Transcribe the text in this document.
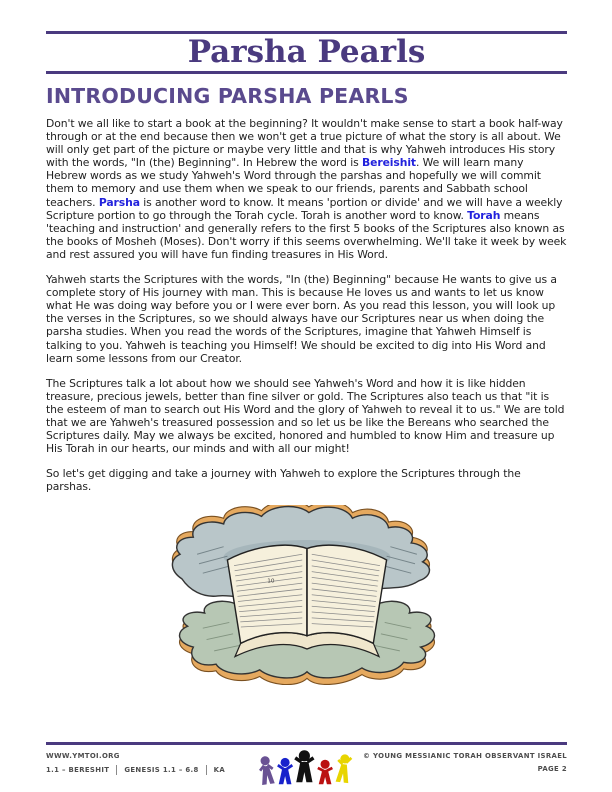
Parsha Pearls
INTRODUCING PARSHA PEARLS

Don't we all like to start a book at the beginning? It wouldn't make sense to start a book half-way through or at the end because then we won't get a true picture of what the story is all about. We will only get part of the picture or maybe very little and that is why Yahweh introduces His story with the words, "In (the) Beginning". In Hebrew the word is Bereishit. We will learn many Hebrew words as we study Yahweh's Word through the parshas and hopefully we will commit them to memory and use them when we speak to our friends, parents and Sabbath school teachers. Parsha is another word to know. It means 'portion or divide' and we will have a weekly Scripture portion to go through the Torah cycle. Torah is another word to know. Torah means 'teaching and instruction' and generally refers to the first 5 books of the Scriptures also known as the books of Mosheh (Moses). Don't worry if this seems overwhelming. We'll take it week by week and rest assured you will have fun finding treasures in His Word.

Yahweh starts the Scriptures with the words, "In (the) Beginning" because He wants to give us a complete story of His journey with man. This is because He loves us and wants to let us know what He was doing way before you or I were ever born. As you read this lesson, you will look up the verses in the Scriptures, so we should always have our Scriptures near us when doing the parsha studies. When you read the words of the Scriptures, imagine that Yahweh Himself is talking to you. Yahweh is teaching you Himself! We should be excited to dig into His Word and learn some lessons from our Creator.

The Scriptures talk a lot about how we should see Yahweh's Word and how it is like hidden treasure, precious jewels, better than fine silver or gold. The Scriptures also teach us that "it is the esteem of man to search out His Word and the glory of Yahweh to reveal it to us." We are told that we are Yahweh's treasured possession and so let us be like the Bereans who searched the Scriptures daily. May we always be excited, honored and humbled to know Him and treasure up His Torah in our hearts, our minds and with all our might!

So let's get digging and take a journey with Yahweh to explore the Scriptures through the parshas.

10
WWW.YMTOI.ORG
1.1 – BERESHIT GENESIS 1.1 – 6.8 KA
© YOUNG MESSIANIC TORAH OBSERVANT ISRAEL
PAGE 2
